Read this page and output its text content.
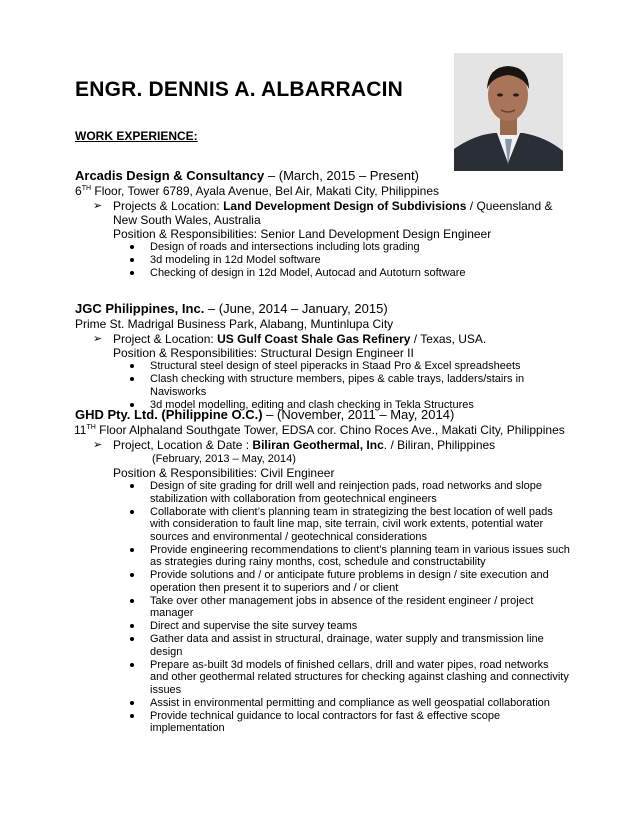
ENGR. DENNIS A. ALBARRACIN
WORK EXPERIENCE:
Arcadis Design & Consultancy – (March, 2015 – Present)
6TH Floor, Tower 6789, Ayala Avenue, Bel Air, Makati City, Philippines
➢ Projects & Location: Land Development Design of Subdivisions / Queensland & New South Wales, Australia
Position & Responsibilities: Senior Land Development Design Engineer
Design of roads and intersections including lots grading
3d modeling in 12d Model software
Checking of design in 12d Model, Autocad and Autoturn software
JGC Philippines, Inc. – (June, 2014 – January, 2015)
Prime St. Madrigal Business Park, Alabang, Muntinlupa City
➢ Project & Location: US Gulf Coast Shale Gas Refinery / Texas, USA.
Position & Responsibilities: Structural Design Engineer II
Structural steel design of steel piperacks in Staad Pro & Excel spreadsheets
Clash checking with structure members, pipes & cable trays, ladders/stairs in Navisworks
3d model modelling, editing and clash checking in Tekla Structures
GHD Pty. Ltd. (Philippine O.C.) – (November, 2011 – May, 2014)
11TH Floor Alphaland Southgate Tower, EDSA cor. Chino Roces Ave., Makati City, Philippines
➢ Project, Location & Date : Biliran Geothermal, Inc. / Biliran, Philippines
(February, 2013 – May, 2014)
Position & Responsibilities: Civil Engineer
Design of site grading for drill well and reinjection pads, road networks and slope stabilization with collaboration from geotechnical engineers
Collaborate with client’s planning team in strategizing the best location of well pads with consideration to fault line map, site terrain, civil work extents, potential water sources and environmental / geotechnical considerations
Provide engineering recommendations to client’s planning team in various issues such as strategies during rainy months, cost, schedule and constructability
Provide solutions and / or anticipate future problems in design / site execution and operation then present it to superiors and / or client
Take over other management jobs in absence of the resident engineer / project manager
Direct and supervise the site survey teams
Gather data and assist in structural, drainage, water supply and transmission line design
Prepare as-built 3d models of finished cellars, drill and water pipes, road networks and other geothermal related structures for checking against clashing and connectivity issues
Assist in environmental permitting and compliance as well geospatial collaboration
Provide technical guidance to local contractors for fast & effective scope implementation
